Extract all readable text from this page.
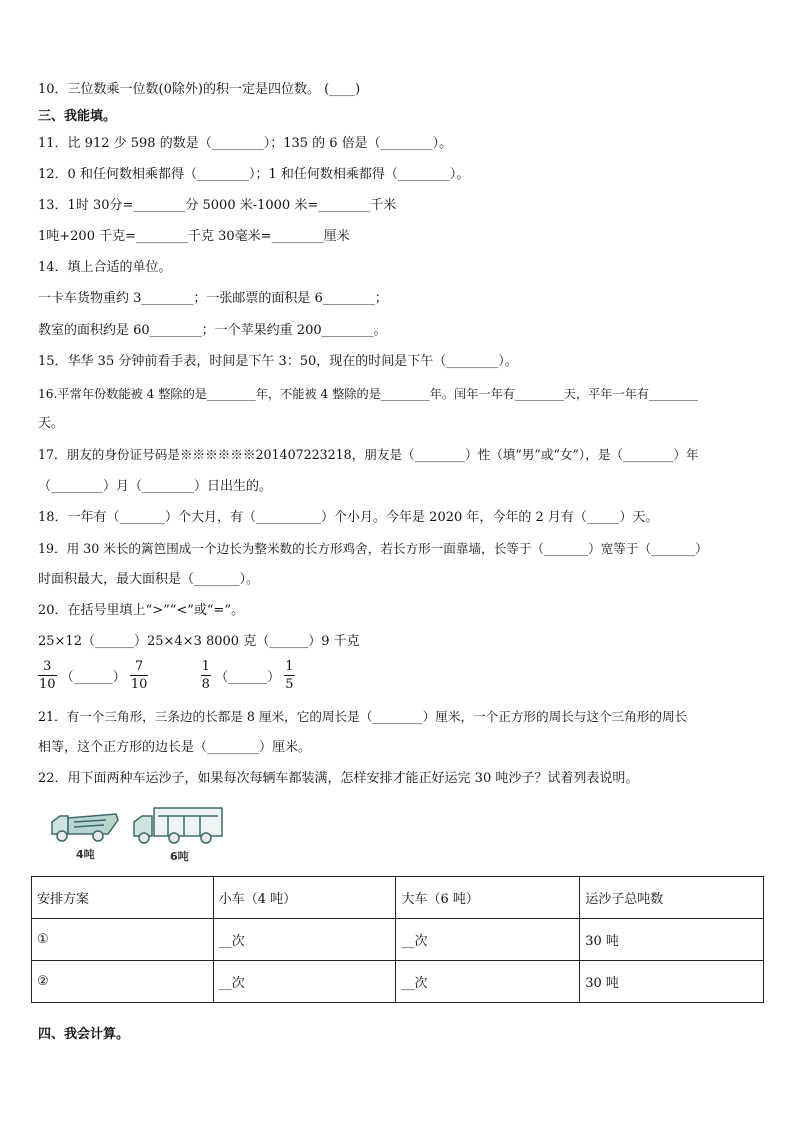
10．三位数乘一位数(0除外)的积一定是四位数。 (____)
三、我能填。
11．比 912 少 598 的数是（________）；135 的 6 倍是（________）。
12．0 和任何数相乘都得（________）；1 和任何数相乘都得（________）。
13．1时 30分=________分 5000 米-1000 米=________千米
1吨+200 千克=________千克 30毫米=________厘米
14．填上合适的单位。
一卡车货物重约 3________；一张邮票的面积是 6________；
教室的面积约是 60________；一个苹果约重 200________。
15．华华 35 分钟前看手表，时间是下午 3：50，现在的时间是下午（________）。
16.平常年份数能被 4 整除的是________年，不能被 4 整除的是________年。闰年一年有________天，平年一年有________
天。
17．朋友的身份证号码是※※※※※※201407223218，朋友是（________）性（填“男”或“女”），是（________）年
（________）月（________）日出生的。
18．一年有（_______）个大月，有（__________）个小月。今年是 2020 年，今年的 2 月有（_____）天。
19．用 30 米长的篱笆围成一个边长为整米数的长方形鸡舍，若长方形一面靠墙，长等于（_______）宽等于（_______）
时面积最大，最大面积是（_______）。
20．在括号里填上“>”“<”或“=”。
25×12（______）25×4×3 8000 克（______）9 千克
$\frac{3}{10}$ （______） $\frac{7}{10}$
	$\frac{1}{8}$ （______） $\frac{1}{5}$
21．有一个三角形，三条边的长都是 8 厘米，它的周长是（________）厘米，一个正方形的周长与这个三角形的周长
相等，这个正方形的边长是（________）厘米。
22．用下面两种车运沙子，如果每次每辆车都装满，怎样安排才能正好运完 30 吨沙子？试着列表说明。
4吨	6吨
安排方案	小车（4 吨）	大车（6 吨）	运沙子总吨数
①	__次	__次	30 吨
②	__次	__次	30 吨
四、我会计算。
